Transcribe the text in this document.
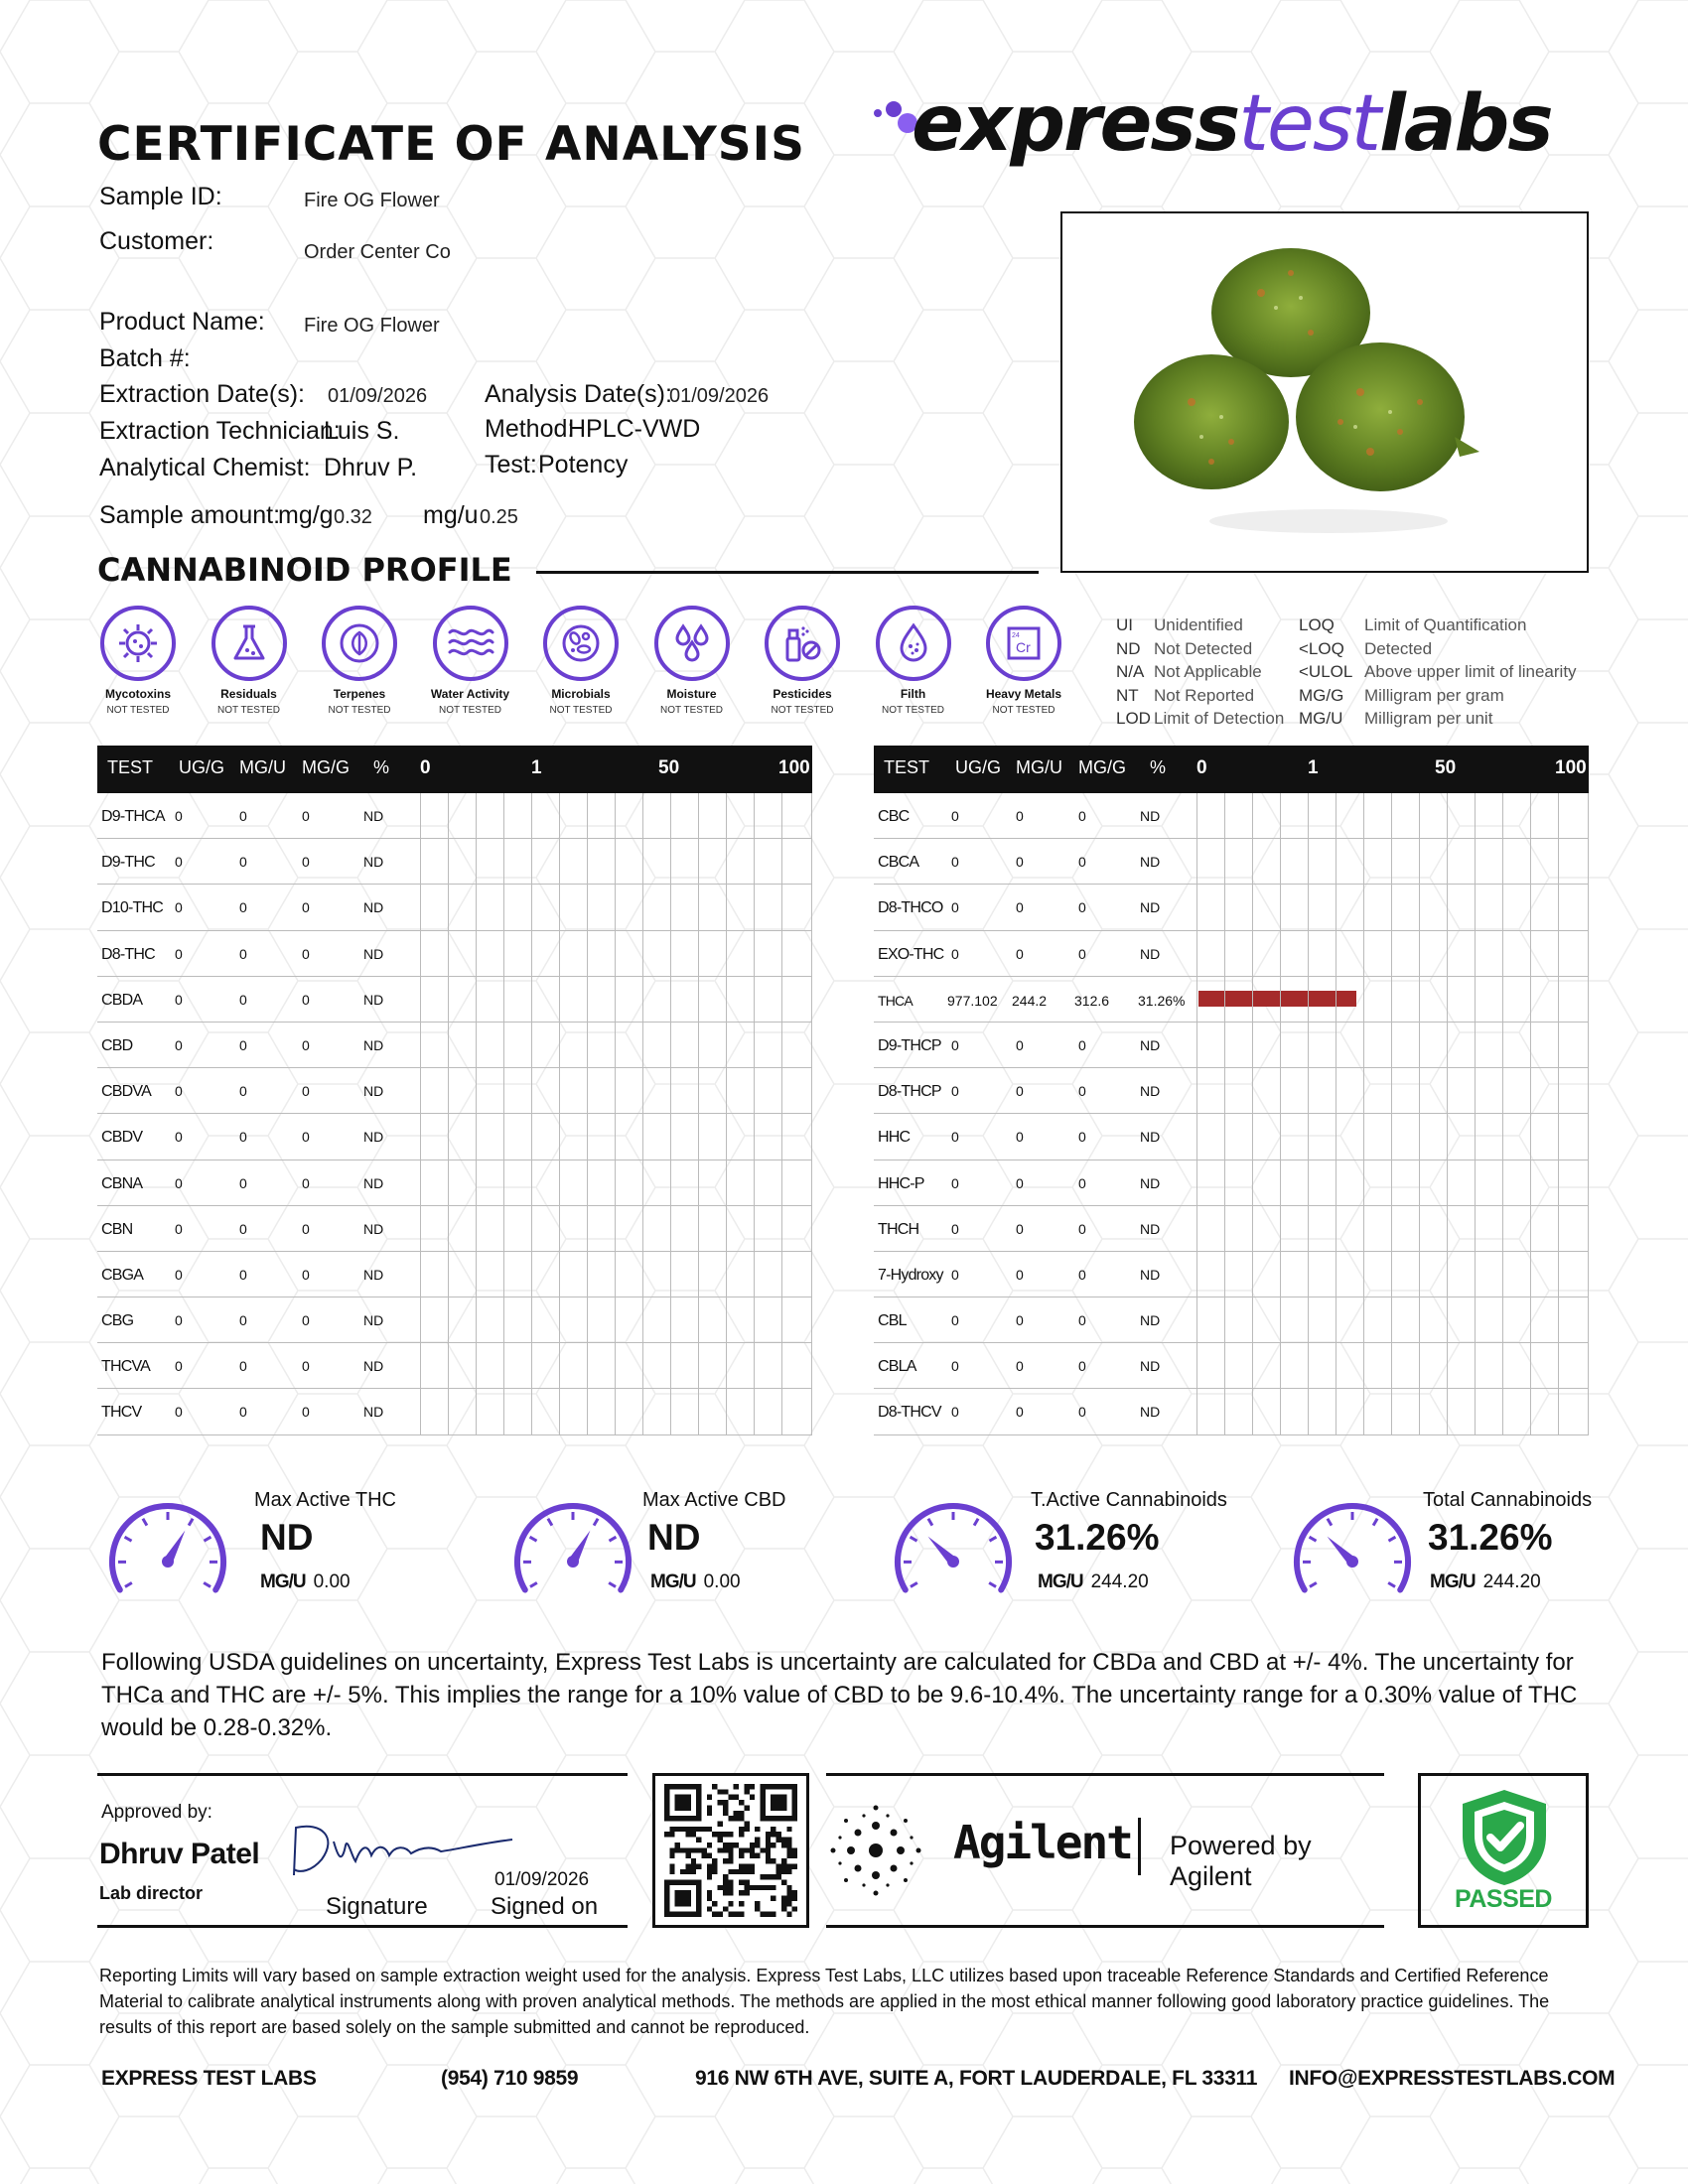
CERTIFICATE OF ANALYSIS expresstestlabs
Sample ID:	Fire OG Flower
Customer:	Order Center Co
Product Name: Fire OG Flower
Batch #:
Extraction Date(s): 01/09/2026 Analysis Date(s):
01/09/2026
Extraction Technician:
Luis S.	Method:
HPLC-VWD
Analytical Chemist: Dhruv P.	Test: Potency
Sample amount:
mg/g 0.32 mg/u 0.25
CANNABINOID PROFILE
Mycotoxins
NOT TESTED
Residuals
NOT TESTED
Terpenes
NOT TESTED
Water Activity
NOT TESTED
Microbials
NOT TESTED
Moisture
NOT TESTED
Pesticides
NOT TESTED
Filth
NOT TESTED
24
Cr
Heavy Metals
NOT TESTED
UI Unidentified
ND Not Detected
N/A Not Applicable
NT Not Reported
LOD Limit of Detection
LOQ Limit of Quantification
<LOQ Detected
<ULOL Above upper limit of linearity
MG/G Milligram per gram
MG/U Milligram per unit
TEST UG/G MG/U MG/G % 0	1	50	100
D9-THCA 0	0	0	ND
D9-THC 0	0	0	ND
D10-THC 0	0	0	ND
D8-THC 0	0	0	ND
CBDA 0	0	0	ND
CBD	0	0	0	ND
CBDVA 0	0	0	ND
CBDV 0	0	0	ND
CBNA 0	0	0	ND
CBN	0	0	0	ND
CBGA 0	0	0	ND
CBG	0	0	0	ND
THCVA 0	0	0	ND
THCV 0	0	0	ND
TEST UG/G MG/U MG/G % 0	1	50	100
CBC	0	0	0	ND
CBCA 0	0	0	ND
D8-THCO 0	0	0	ND
EXO-THC 0	0	0	ND
THCA	977.102 244.2 312.6 31.26%
D9-THCP 0	0	0	ND
D8-THCP 0	0	0	ND
HHC	0	0	0	ND
HHC-P 0	0	0	ND
THCH 0	0	0	ND
7-Hydroxy 0	0	0	ND
CBL	0	0	0	ND
CBLA	0	0	0	ND
D8-THCV 0	0	0	ND
Max Active THC
ND
MG/U 0.00
Max Active CBD
ND
MG/U 0.00
T.Active Cannabinoids
31.26%
MG/U 244.20
Total Cannabinoids
31.26%
MG/U 244.20
Following USDA guidelines on uncertainty, Express Test Labs is uncertainty are calculated for CBDa and CBD at +/- 4%. The uncertainty for THCa and THC are +/- 5%. This implies the range for a 10% value of CBD to be 9.6-10.4%. The uncertainty range for a 0.30% value of THC would be 0.28-0.32%.
Approved by:
Dhruv Patel
Lab director	Signature
01/09/2026
Signed on
Agilent Powered by Agilent
PASSED
Reporting Limits will vary based on sample extraction weight used for the analysis. Express Test Labs, LLC utilizes based upon traceable Reference Standards and Certified Reference Material to calibrate analytical instruments along with proven analytical methods. The methods are applied in the most ethical manner following good laboratory practice guidelines. The results of this report are based solely on the sample submitted and cannot be reproduced.
EXPRESS TEST LABS	(954) 710 9859	916 NW 6TH AVE, SUITE A, FORT LAUDERDALE, FL 33311 INFO@EXPRESSTESTLABS.COM
